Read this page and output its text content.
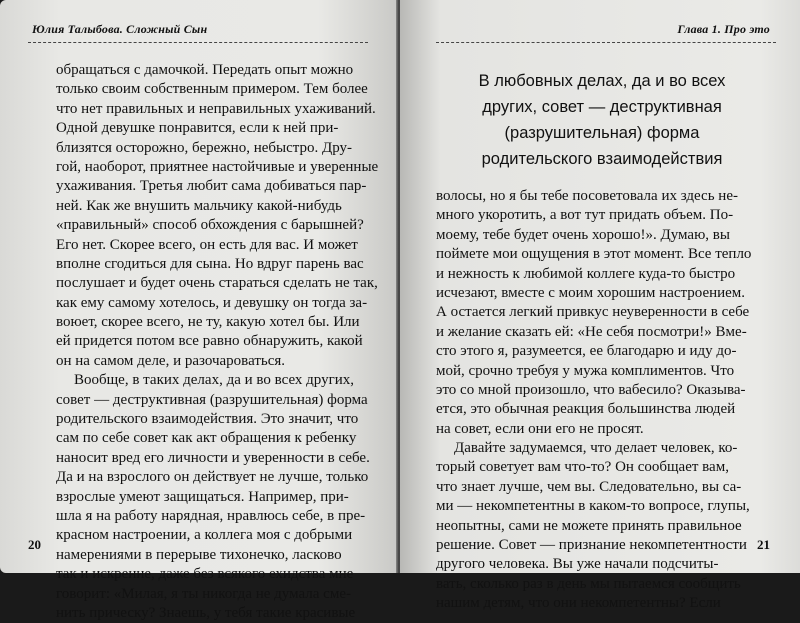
Юлия Талыбова. Сложный Сын
обращаться с дамочкой. Передать опыт можно
только своим собственным примером. Тем более
что нет правильных и неправильных ухаживаний.
Одной девушке понравится, если к ней при-
близятся осторожно, бережно, небыстро. Дру-
гой, наоборот, приятнее настойчивые и уверенные
ухаживания. Третья любит сама добиваться пар-
ней. Как же внушить мальчику какой-нибудь
«правильный» способ обхождения с барышней?
Его нет. Скорее всего, он есть для вас. И может
вполне сгодиться для сына. Но вдруг парень вас
послушает и будет очень стараться сделать не так,
как ему самому хотелось, и девушку он тогда за-
воюет, скорее всего, не ту, какую хотел бы. Или
ей придется потом все равно обнаружить, какой
он на самом деле, и разочароваться.
Вообще, в таких делах, да и во всех других,
совет — деструктивная (разрушительная) форма
родительского взаимодействия. Это значит, что
сам по себе совет как акт обращения к ребенку
наносит вред его личности и уверенности в себе.
Да и на взрослого он действует не лучше, только
взрослые умеют защищаться. Например, при-
шла я на работу нарядная, нравлюсь себе, в пре-
красном настроении, а коллега моя с добрыми
намерениями в перерыве тихонечко, ласково
так и искренне, даже без всякого ехидства мне
говорит: «Милая, я ты никогда не думала сме-
нить прическу? Знаешь, у тебя такие красивые
20
Глава 1. Про это
В любовных делах, да и во всех
других, совет — деструктивная
(разрушительная) форма
родительского взаимодействия
волосы, но я бы тебе посоветовала их здесь не-
много укоротить, а вот тут придать объем. По-
моему, тебе будет очень хорошо!». Думаю, вы
поймете мои ощущения в этот момент. Все тепло
и нежность к любимой коллеге куда-то быстро
исчезают, вместе с моим хорошим настроением.
А остается легкий привкус неуверенности в себе
и желание сказать ей: «Не себя посмотри!» Вме-
сто этого я, разумеется, ее благодарю и иду до-
мой, срочно требуя у мужа комплиментов. Что
это со мной произошло, что вабесило? Оказыва-
ется, это обычная реакция большинства людей
на совет, если они его не просят.
Давайте задумаемся, что делает человек, ко-
торый советует вам что-то? Он сообщает вам,
что знает лучше, чем вы. Следовательно, вы са-
ми — некомпетентны в каком-то вопросе, глупы,
неопытны, сами не можете принять правильное
решение. Совет — признание некомпетентности
другого человека. Вы уже начали подсчиты-
вать, сколько раз в день мы пытаемся сообщить
нашим детям, что они некомпетентны? Если
21
